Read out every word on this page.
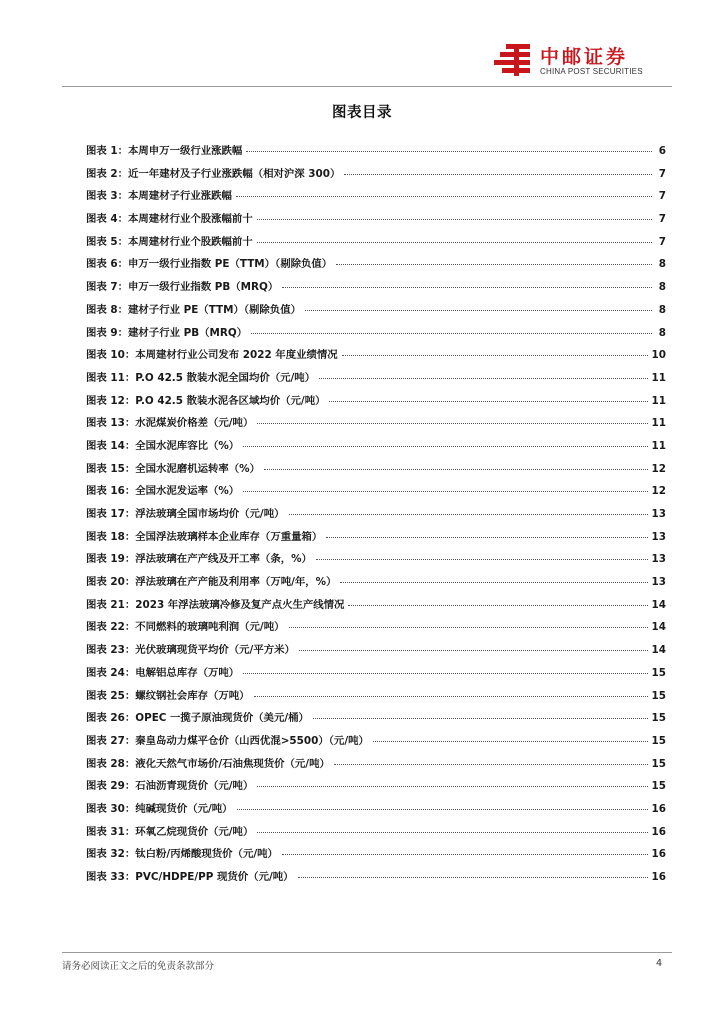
中邮证券
CHINA POST SECURITIES
图表目录
图表 1：本周申万一级行业涨跌幅	6
图表 2：近一年建材及子行业涨跌幅（相对沪深 300）	7
图表 3：本周建材子行业涨跌幅	7
图表 4：本周建材行业个股涨幅前十	7
图表 5：本周建材行业个股跌幅前十	7
图表 6：申万一级行业指数 PE（TTM）（剔除负值）	8
图表 7：申万一级行业指数 PB（MRQ）	8
图表 8：建材子行业 PE（TTM）（剔除负值）	8
图表 9：建材子行业 PB（MRQ）	8
图表 10：本周建材行业公司发布 2022 年度业绩情况	10
图表 11：P.O 42.5 散装水泥全国均价（元/吨）	11
图表 12：P.O 42.5 散装水泥各区域均价（元/吨）	11
图表 13：水泥煤炭价格差（元/吨）	11
图表 14：全国水泥库容比（%）	11
图表 15：全国水泥磨机运转率（%）	12
图表 16：全国水泥发运率（%）	12
图表 17：浮法玻璃全国市场均价（元/吨）	13
图表 18：全国浮法玻璃样本企业库存（万重量箱）	13
图表 19：浮法玻璃在产产线及开工率（条，%）	13
图表 20：浮法玻璃在产产能及利用率（万吨/年，%）	13
图表 21：2023 年浮法玻璃冷修及复产点火生产线情况	14
图表 22：不同燃料的玻璃吨利润（元/吨）	14
图表 23：光伏玻璃现货平均价（元/平方米）	14
图表 24：电解铝总库存（万吨）	15
图表 25：螺纹钢社会库存（万吨）	15
图表 26：OPEC 一揽子原油现货价（美元/桶）	15
图表 27：秦皇岛动力煤平仓价（山西优混>5500）（元/吨）	15
图表 28：液化天然气市场价/石油焦现货价（元/吨）	15
图表 29：石油沥青现货价（元/吨）	15
图表 30：纯碱现货价（元/吨）	16
图表 31：环氧乙烷现货价（元/吨）	16
图表 32：钛白粉/丙烯酸现货价（元/吨）	16
图表 33：PVC/HDPE/PP 现货价（元/吨）	16
请务必阅读正文之后的免责条款部分	4
